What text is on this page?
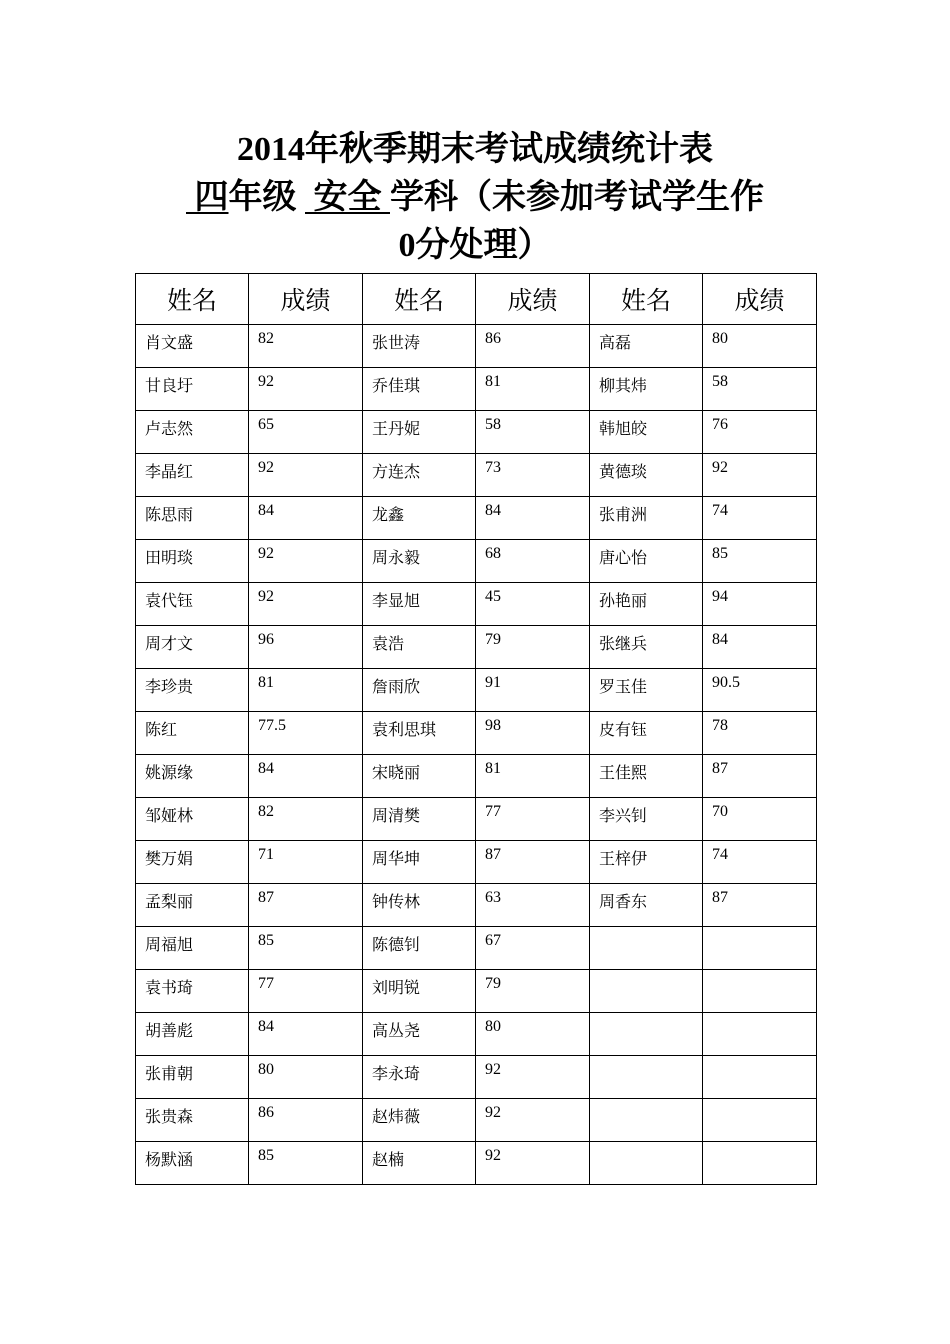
2014年秋季期末考试成绩统计表
四年级 安全 学科（未参加考试学生作
0分处理）
姓名	成绩	姓名	成绩	姓名	成绩
肖文盛	82	张世涛	86	高磊	80
甘良圩	92	乔佳琪	81	柳其炜	58
卢志然	65	王丹妮	58	韩旭皎	76
李晶红	92	方连杰	73	黄德琰	92
陈思雨	84	龙鑫	84	张甫洲	74
田明琰	92	周永毅	68	唐心怡	85
袁代钰	92	李显旭	45	孙艳丽	94
周才文	96	袁浩	79	张继兵	84
李珍贵	81	詹雨欣	91	罗玉佳	90.5
陈红	77.5	袁利思琪	98	皮有钰	78
姚源缘	84	宋晓丽	81	王佳熙	87
邹娅林	82	周清樊	77	李兴钊	70
樊万娟	71	周华坤	87	王梓伊	74
孟梨丽	87	钟传林	63	周香东	87
周福旭	85	陈德钊	67		
袁书琦	77	刘明锐	79		
胡善彪	84	高丛尧	80		
张甫朝	80	李永琦	92		
张贵森	86	赵炜薇	92		
杨默涵	85	赵楠	92		
